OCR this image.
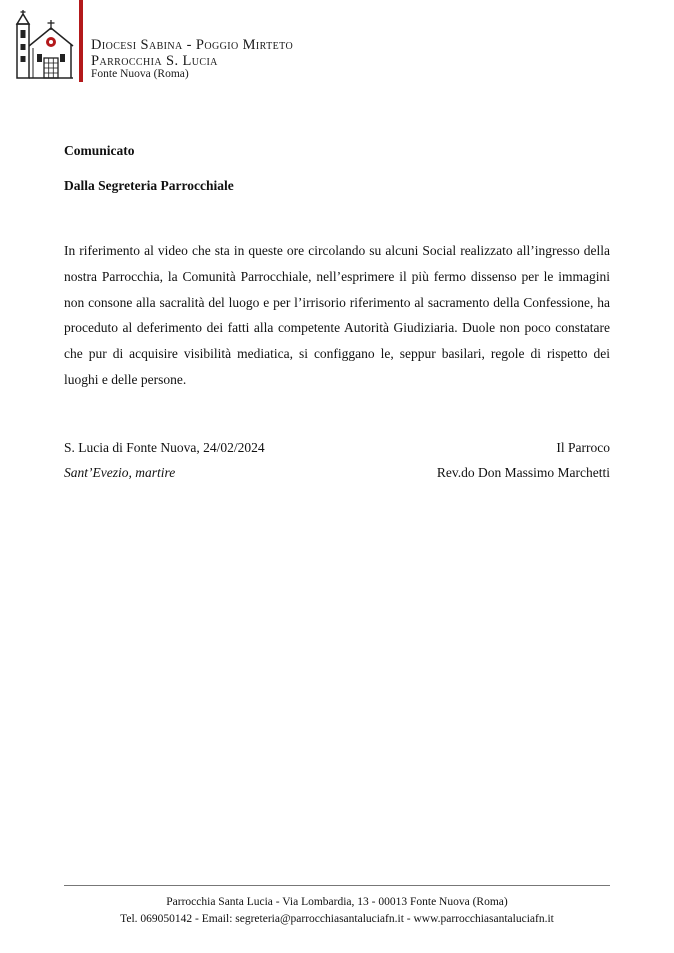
Diocesi Sabina - Poggio Mirteto
Parrocchia S. Lucia
Fonte Nuova (Roma)
Comunicato
Dalla Segreteria Parrocchiale

In riferimento al video che sta in queste ore circolando su alcuni Social realizzato all’ingresso della nostra Parrocchia, la Comunità Parrocchiale, nell’esprimere il più fermo dissenso per le immagini non consone alla sacralità del luogo e per l’irrisorio riferimento al sacramento della Confessione, ha proceduto al deferimento dei fatti alla competente Autorità Giudiziaria. Duole non poco constatare che pur di acquisire visibilità mediatica, si configgano le, seppur basilari, regole di rispetto dei luoghi e delle persone.

S. Lucia di Fonte Nuova, 24/02/2024
Sant’Evezio, martire
Il Parroco
Rev.do Don Massimo Marchetti
Parrocchia Santa Lucia - Via Lombardia, 13 - 00013 Fonte Nuova (Roma)
Tel. 069050142 - Email: segreteria@parrocchiasantaluciafn.it - www.parrocchiasantaluciafn.it
